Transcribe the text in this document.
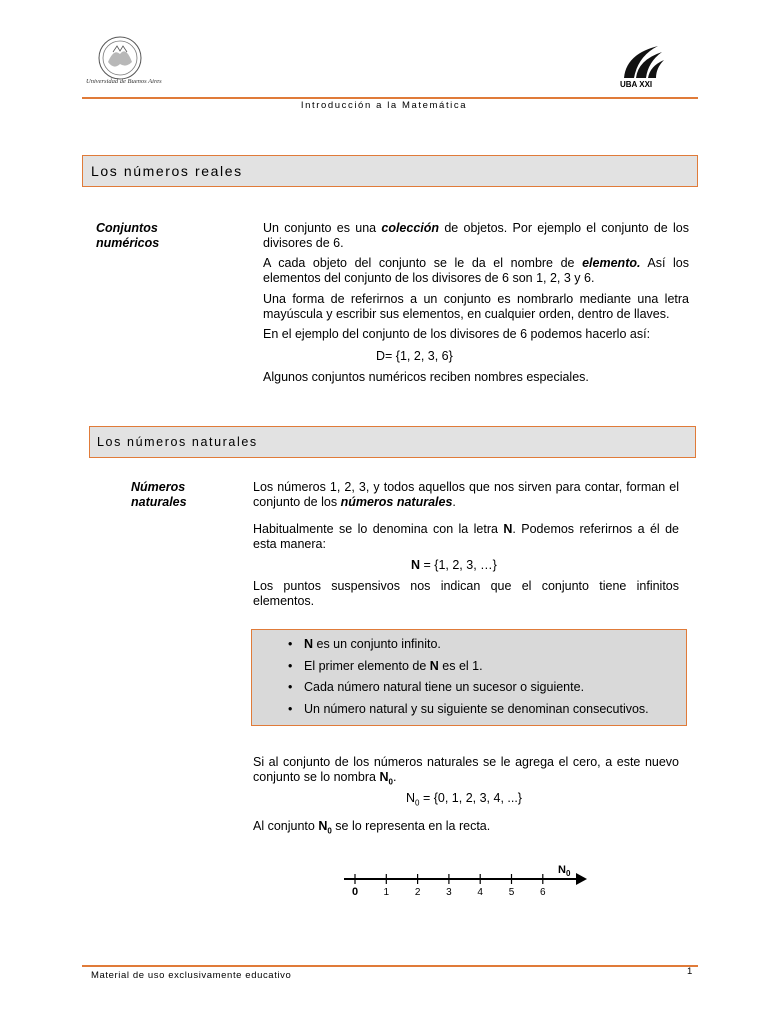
Universidad de Buenos Aires	UBA XXI
Introducción a la Matemática
Los números reales
Conjuntos
numéricos
Un conjunto es una colección de objetos. Por ejemplo el conjunto de los divisores de 6.
A cada objeto del conjunto se le da el nombre de elemento. Así los elementos del conjunto de los divisores de 6 son 1, 2, 3 y 6.
Una forma de referirnos a un conjunto es nombrarlo mediante una letra mayúscula y escribir sus elementos, en cualquier orden, dentro de llaves.
En el ejemplo del conjunto de los divisores de 6 podemos hacerlo así:
D= {1, 2, 3, 6}
Algunos conjuntos numéricos reciben nombres especiales.
Los números naturales
Números
naturales
Los números 1, 2, 3, y todos aquellos que nos sirven para contar, forman el conjunto de los números naturales.
Habitualmente se lo denomina con la letra N. Podemos referirnos a él de esta manera:
N = {1, 2, 3, …}
Los puntos suspensivos nos indican que el conjunto tiene infinitos elementos.
• N es un conjunto infinito.
• El primer elemento de N es el 1.
• Cada número natural tiene un sucesor o siguiente.
• Un número natural y su siguiente se denominan consecutivos.
Si al conjunto de los números naturales se le agrega el cero, a este nuevo conjunto se lo nombra $N_0$.
$N_0 = \{0$, 1, 2, 3, 4, ...}
Al conjunto $N_0$ se lo representa en la recta.
$N_0$
0	1	2	3	4	5	6
Material de uso exclusivamente educativo	1
